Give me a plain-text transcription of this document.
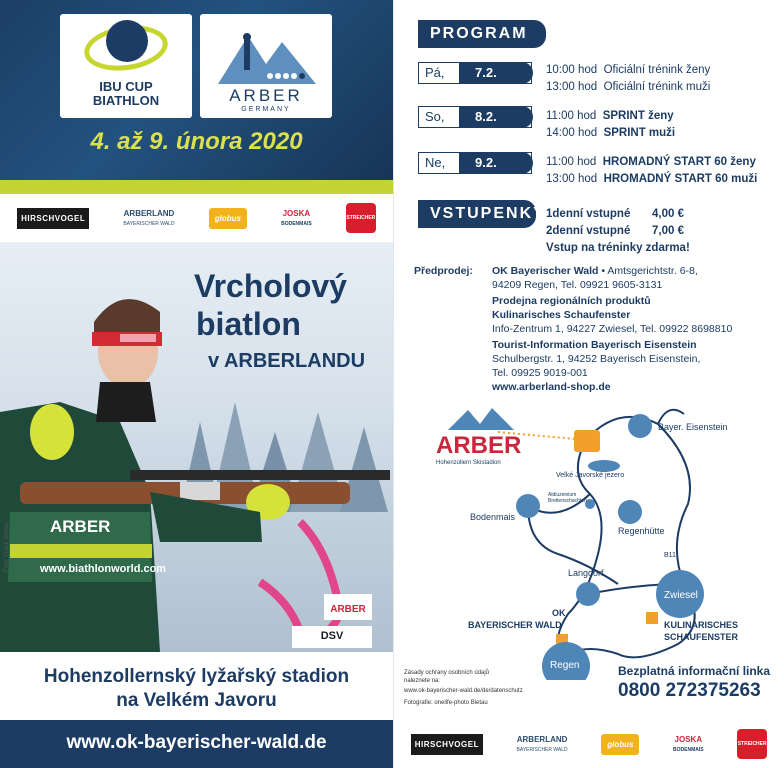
IBU CUP
BIATHLON	ARBER
GERMANY
4. až 9. února 2020
HIRSCHVOGEL	ARBERLAND
BAYERISCHER WALD
globus	JOSKA
BODENMAIS
STREICHER
Vrcholový
biatlon
v ARBERLANDU
www.biathlonworld.com
ARBER
Foto: Frank Bietau
ARBER
DSV
Hohenzollernský lyžařský stadion
na Velkém Javoru
www.ok-bayerischer-wald.de
PROGRAM
Pá,	7.2.	10:00 hod Oficiální trénink ženy
13:00 hod Oficiální trénink muži
So,	8.2.	11:00 hod SPRINT ženy
14:00 hod SPRINT muži
Ne,	9.2.	11:00 hod HROMADNÝ START 60 ženy
13:00 hod HROMADNÝ START 60 muži
VSTUPENKY 1denní vstupné 4,00 €
2denní vstupné 7,00 €
Vstup na tréninky zdarma!
Předprodej: OK Bayerischer Wald • Amtsgerichtstr. 6-8,
94209 Regen, Tel. 09921 9605-3131
Prodejna regionálních produktů
Kulinarisches Schaufenster
Info-Zentrum 1, 94227 Zwiesel, Tel. 09922 8698810
Tourist-Information Bayerisch Eisenstein
Schulbergstr. 1, 94252 Bayerisch Eisenstein,
Tel. 09925 9019-001
www.arberland-shop.de
ARBER
Hohenzollern Skistadion
Bayer. Eisenstein
Velké Javorské jezero
Aldiuzeinium Brettenschachten
Bodenmais
Regenhütte
B11
Langdorf
Zwiesel
OK
BAYERISCHER WALD	KULINARISCHES
SCHAUFENSTER
Regen
Zásady ochrany osobních údajů
naleznete na:
www.ok-bayerischer-wald.de/de/datenschutz
Fotografie: onelife-photo Bietau
Bezplatná informační linka
0800 272375263
HIRSCHVOGEL	ARBERLAND
BAYERISCHER WALD
globus	JOSKA
BODENMAIS
STREICHER
